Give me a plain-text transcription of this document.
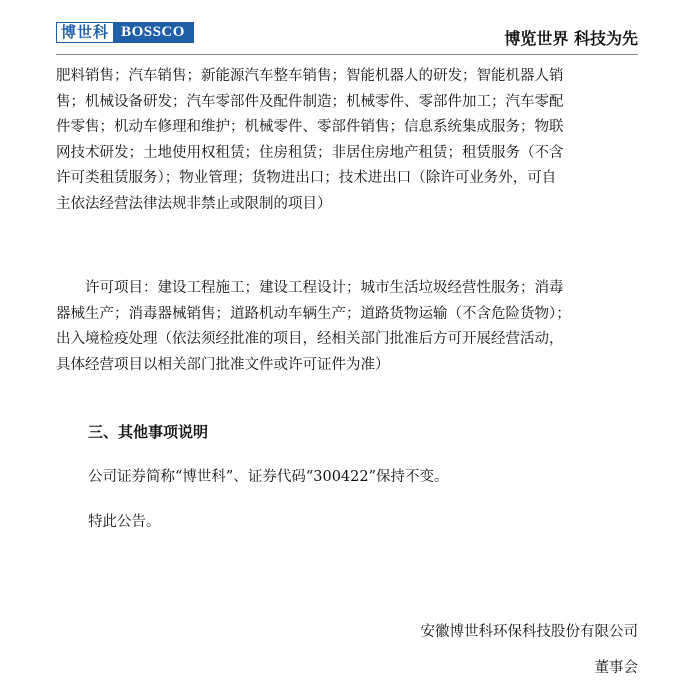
博世科 BOSSCO	博览世界 科技为先
肥料销售；汽车销售；新能源汽车整车销售；智能机器人的研发；智能机器人销
售；机械设备研发；汽车零部件及配件制造；机械零件、零部件加工；汽车零配
件零售；机动车修理和维护；机械零件、零部件销售；信息系统集成服务；物联
网技术研发；土地使用权租赁；住房租赁；非居住房地产租赁；租赁服务（不含
许可类租赁服务）；物业管理；货物进出口；技术进出口（除许可业务外，可自
主依法经营法律法规非禁止或限制的项目）
许可项目：建设工程施工；建设工程设计；城市生活垃圾经营性服务；消毒
器械生产；消毒器械销售；道路机动车辆生产；道路货物运输（不含危险货物）；
出入境检疫处理（依法须经批准的项目，经相关部门批准后方可开展经营活动，
具体经营项目以相关部门批准文件或许可证件为准）
三、其他事项说明
公司证券简称“博世科”、证券代码“300422”保持不变。
特此公告。
安徽博世科环保科技股份有限公司
董事会
